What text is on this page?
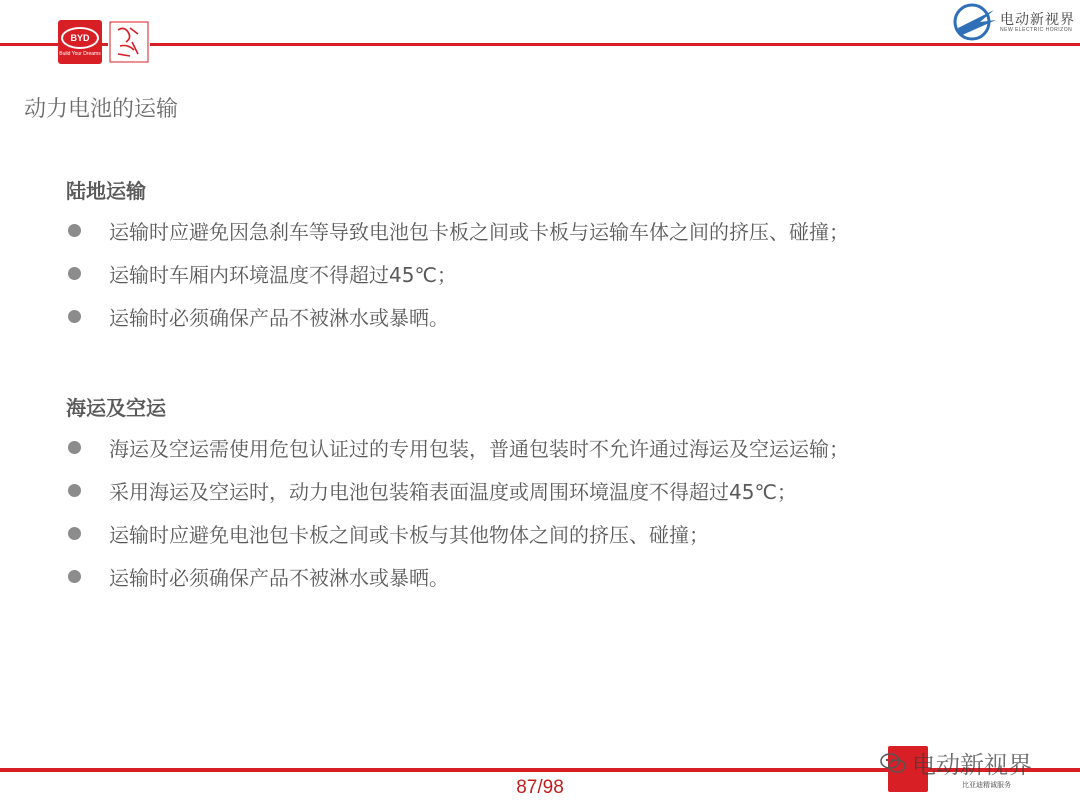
BYD
Build Your Dreams
电动新视界
NEW ELECTRIC HORIZON
动力电池的运输
陆地运输
运输时应避免因急刹车等导致电池包卡板之间或卡板与运输车体之间的挤压、碰撞；
运输时车厢内环境温度不得超过45℃；
运输时必须确保产品不被淋水或暴晒。
海运及空运
海运及空运需使用危包认证过的专用包装，普通包装时不允许通过海运及空运运输；
采用海运及空运时，动力电池包装箱表面温度或周围环境温度不得超过45℃；
运输时应避免电池包卡板之间或卡板与其他物体之间的挤压、碰撞；
运输时必须确保产品不被淋水或暴晒。
87/98	比亚迪精诚服务
电动新视界
